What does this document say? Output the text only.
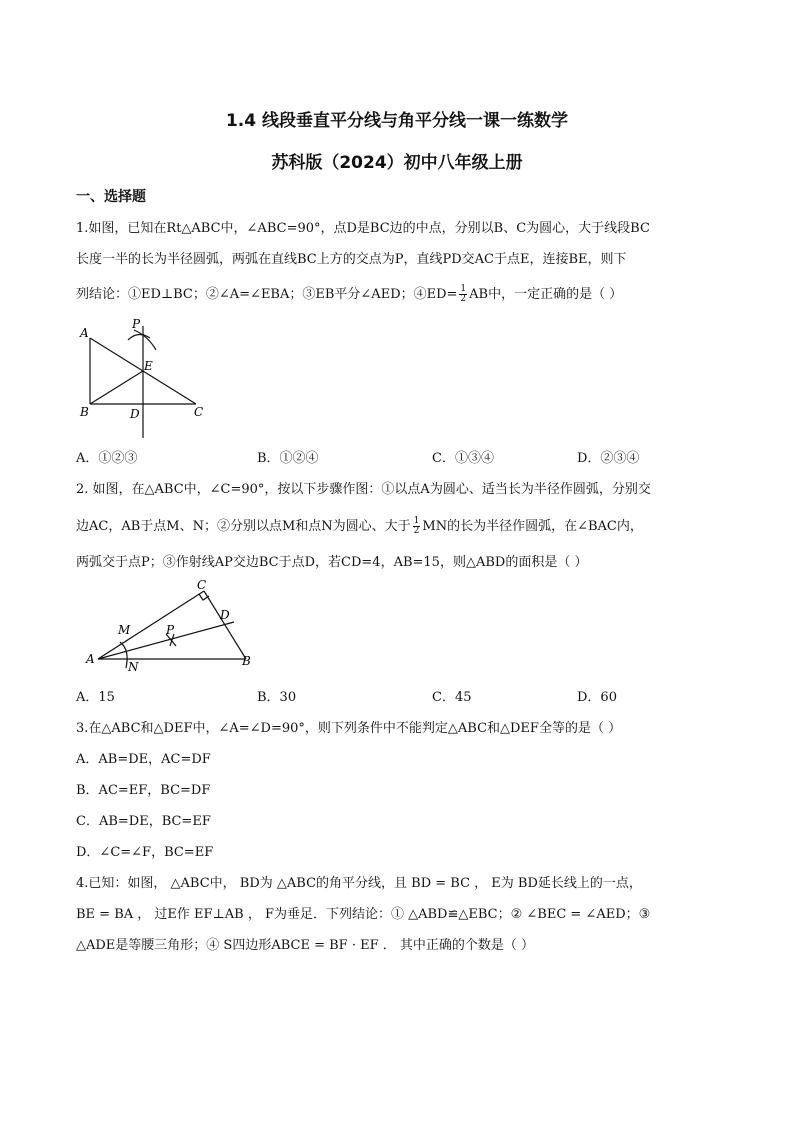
1.4 线段垂直平分线与角平分线一课一练数学
苏科版（2024）初中八年级上册
一、选择题
1.如图，已知在Rt△ABC中，∠ABC=90°，点D是BC边的中点，分别以B、C为圆心，大于线段BC
长度一半的长为半径圆弧，两弧在直线BC上方的交点为P，直线PD交AC于点E，连接BE，则下
列结论：①ED⊥BC；②∠A=∠EBA；③EB平分∠AED；④ED= $\frac{1}{2}$ AB中，一定正确的是（ ）
A
P
E
B	D	C
A．①②③	B．①②④	C．①③④	D．②③④
2. 如图，在△ABC中，∠C=90°，按以下步骤作图：①以点A为圆心、适当长为半径作圆弧，分别交
边AC，AB于点M、N；②分别以点M和点N为圆心、大于 $\frac{1}{2}$ MN的长为半径作圆弧，在∠BAC内，
两弧交于点P；③作射线AP交边BC于点D，若CD=4，AB=15，则△ABD的面积是（ ）
C
D
M	P
A
N	B
A．15	B．30	C．45	D．60
3.在△ABC和△DEF中，∠A=∠D=90°，则下列条件中不能判定△ABC和△DEF全等的是（ ）
A．AB=DE，AC=DF
B．AC=EF，BC=DF
C．AB=DE，BC=EF
D．∠C=∠F，BC=EF
4.已知：如图， △ABC中， BD为 △ABC的角平分线，且 BD = BC ， E为 BD延长线上的一点，
BE = BA ， 过E作 EF⊥AB ， F为垂足．下列结论：① △ABD≌△EBC；② ∠BEC = ∠AED；③
△ADE是等腰三角形；④ S四边形ABCE = BF · EF ． 其中正确的个数是（ ）
